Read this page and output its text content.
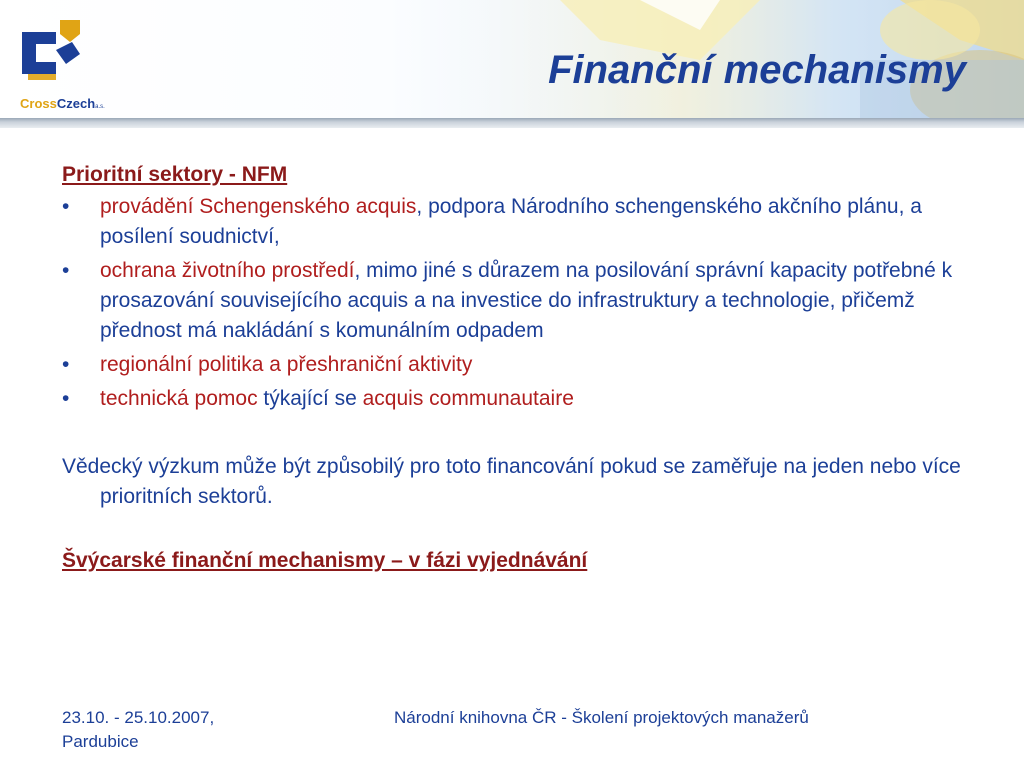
CrossCzecha.s.
Finanční mechanismy
Prioritní sektory - NFM
• provádění Schengenského acquis, podpora Národního schengenského akčního plánu, a posílení soudnictví,
• ochrana životního prostředí, mimo jiné s důrazem na posilování správní kapacity potřebné k prosazování souvisejícího acquis a na investice do infrastruktury a technologie, přičemž přednost má nakládání s komunálním odpadem
• regionální politika a přeshraniční aktivity
• technická pomoc týkající se acquis communautaire
Vědecký výzkum může být způsobilý pro toto financování pokud se zaměřuje na jeden nebo více prioritních sektorů.
Švýcarské finanční mechanismy – v fázi vyjednávání
23.10. - 25.10.2007,
Pardubice
Národní knihovna ČR - Školení projektových manažerů
